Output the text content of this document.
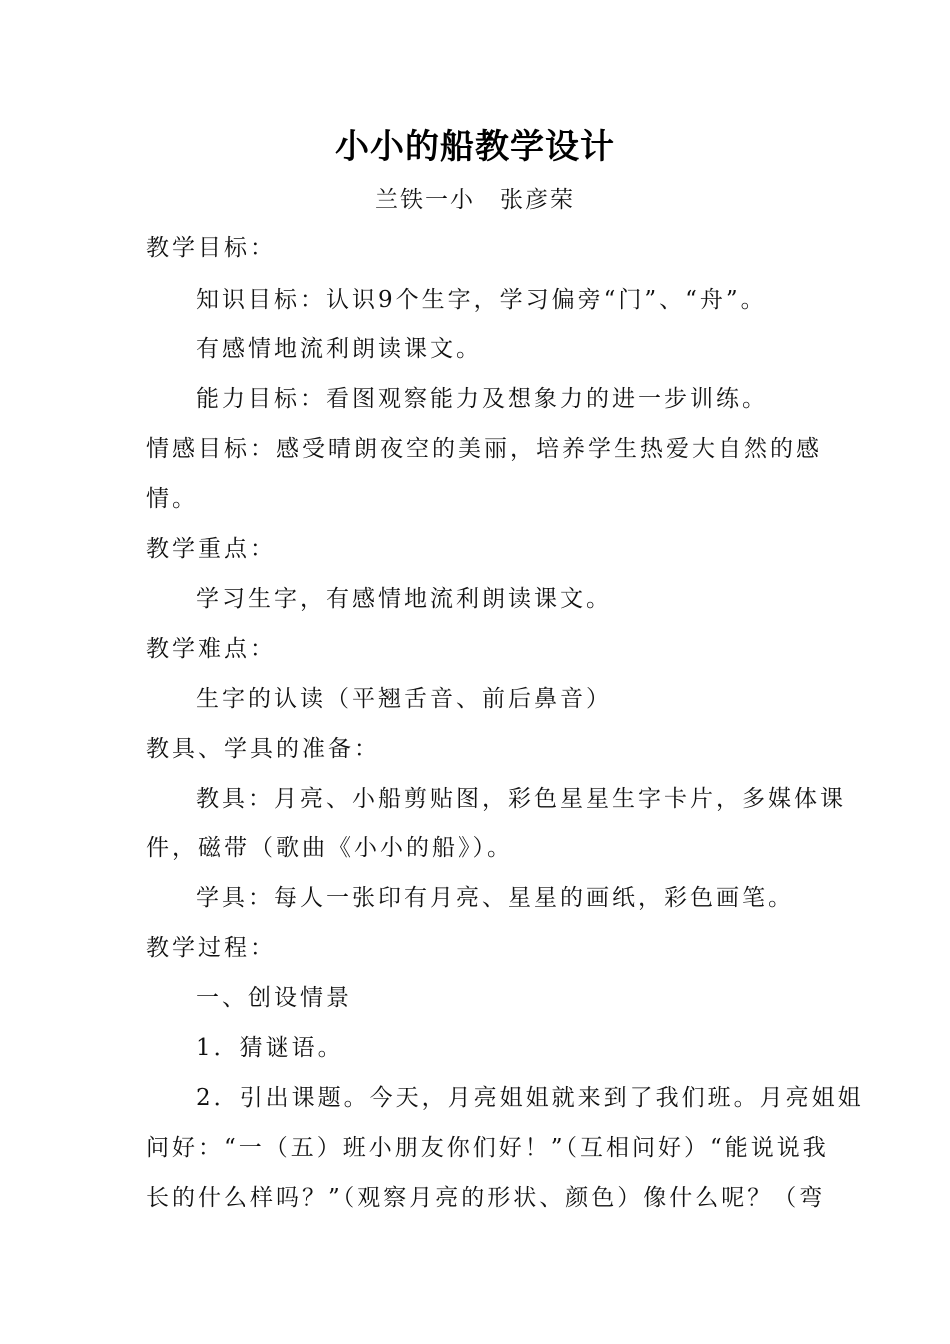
小小的船教学设计
兰铁一小　张彦荣
教学目标：
知识目标：认识9个生字，学习偏旁“门”、“舟”。
有感情地流利朗读课文。
能力目标：看图观察能力及想象力的进一步训练。
情感目标：感受晴朗夜空的美丽，培养学生热爱大自然的感
情。
教学重点：
学习生字，有感情地流利朗读课文。
教学难点：
生字的认读（平翘舌音、前后鼻音）
教具、学具的准备：
教具：月亮、小船剪贴图，彩色星星生字卡片，多媒体课
件，磁带（歌曲《小小的船》）。
学具：每人一张印有月亮、星星的画纸，彩色画笔。
教学过程：
一、创设情景
1．猜谜语。
2．引出课题。今天，月亮姐姐就来到了我们班。月亮姐姐
问好：“一（五）班小朋友你们好！”（互相问好）“能说说我
长的什么样吗？”（观察月亮的形状、颜色）像什么呢？（弯
